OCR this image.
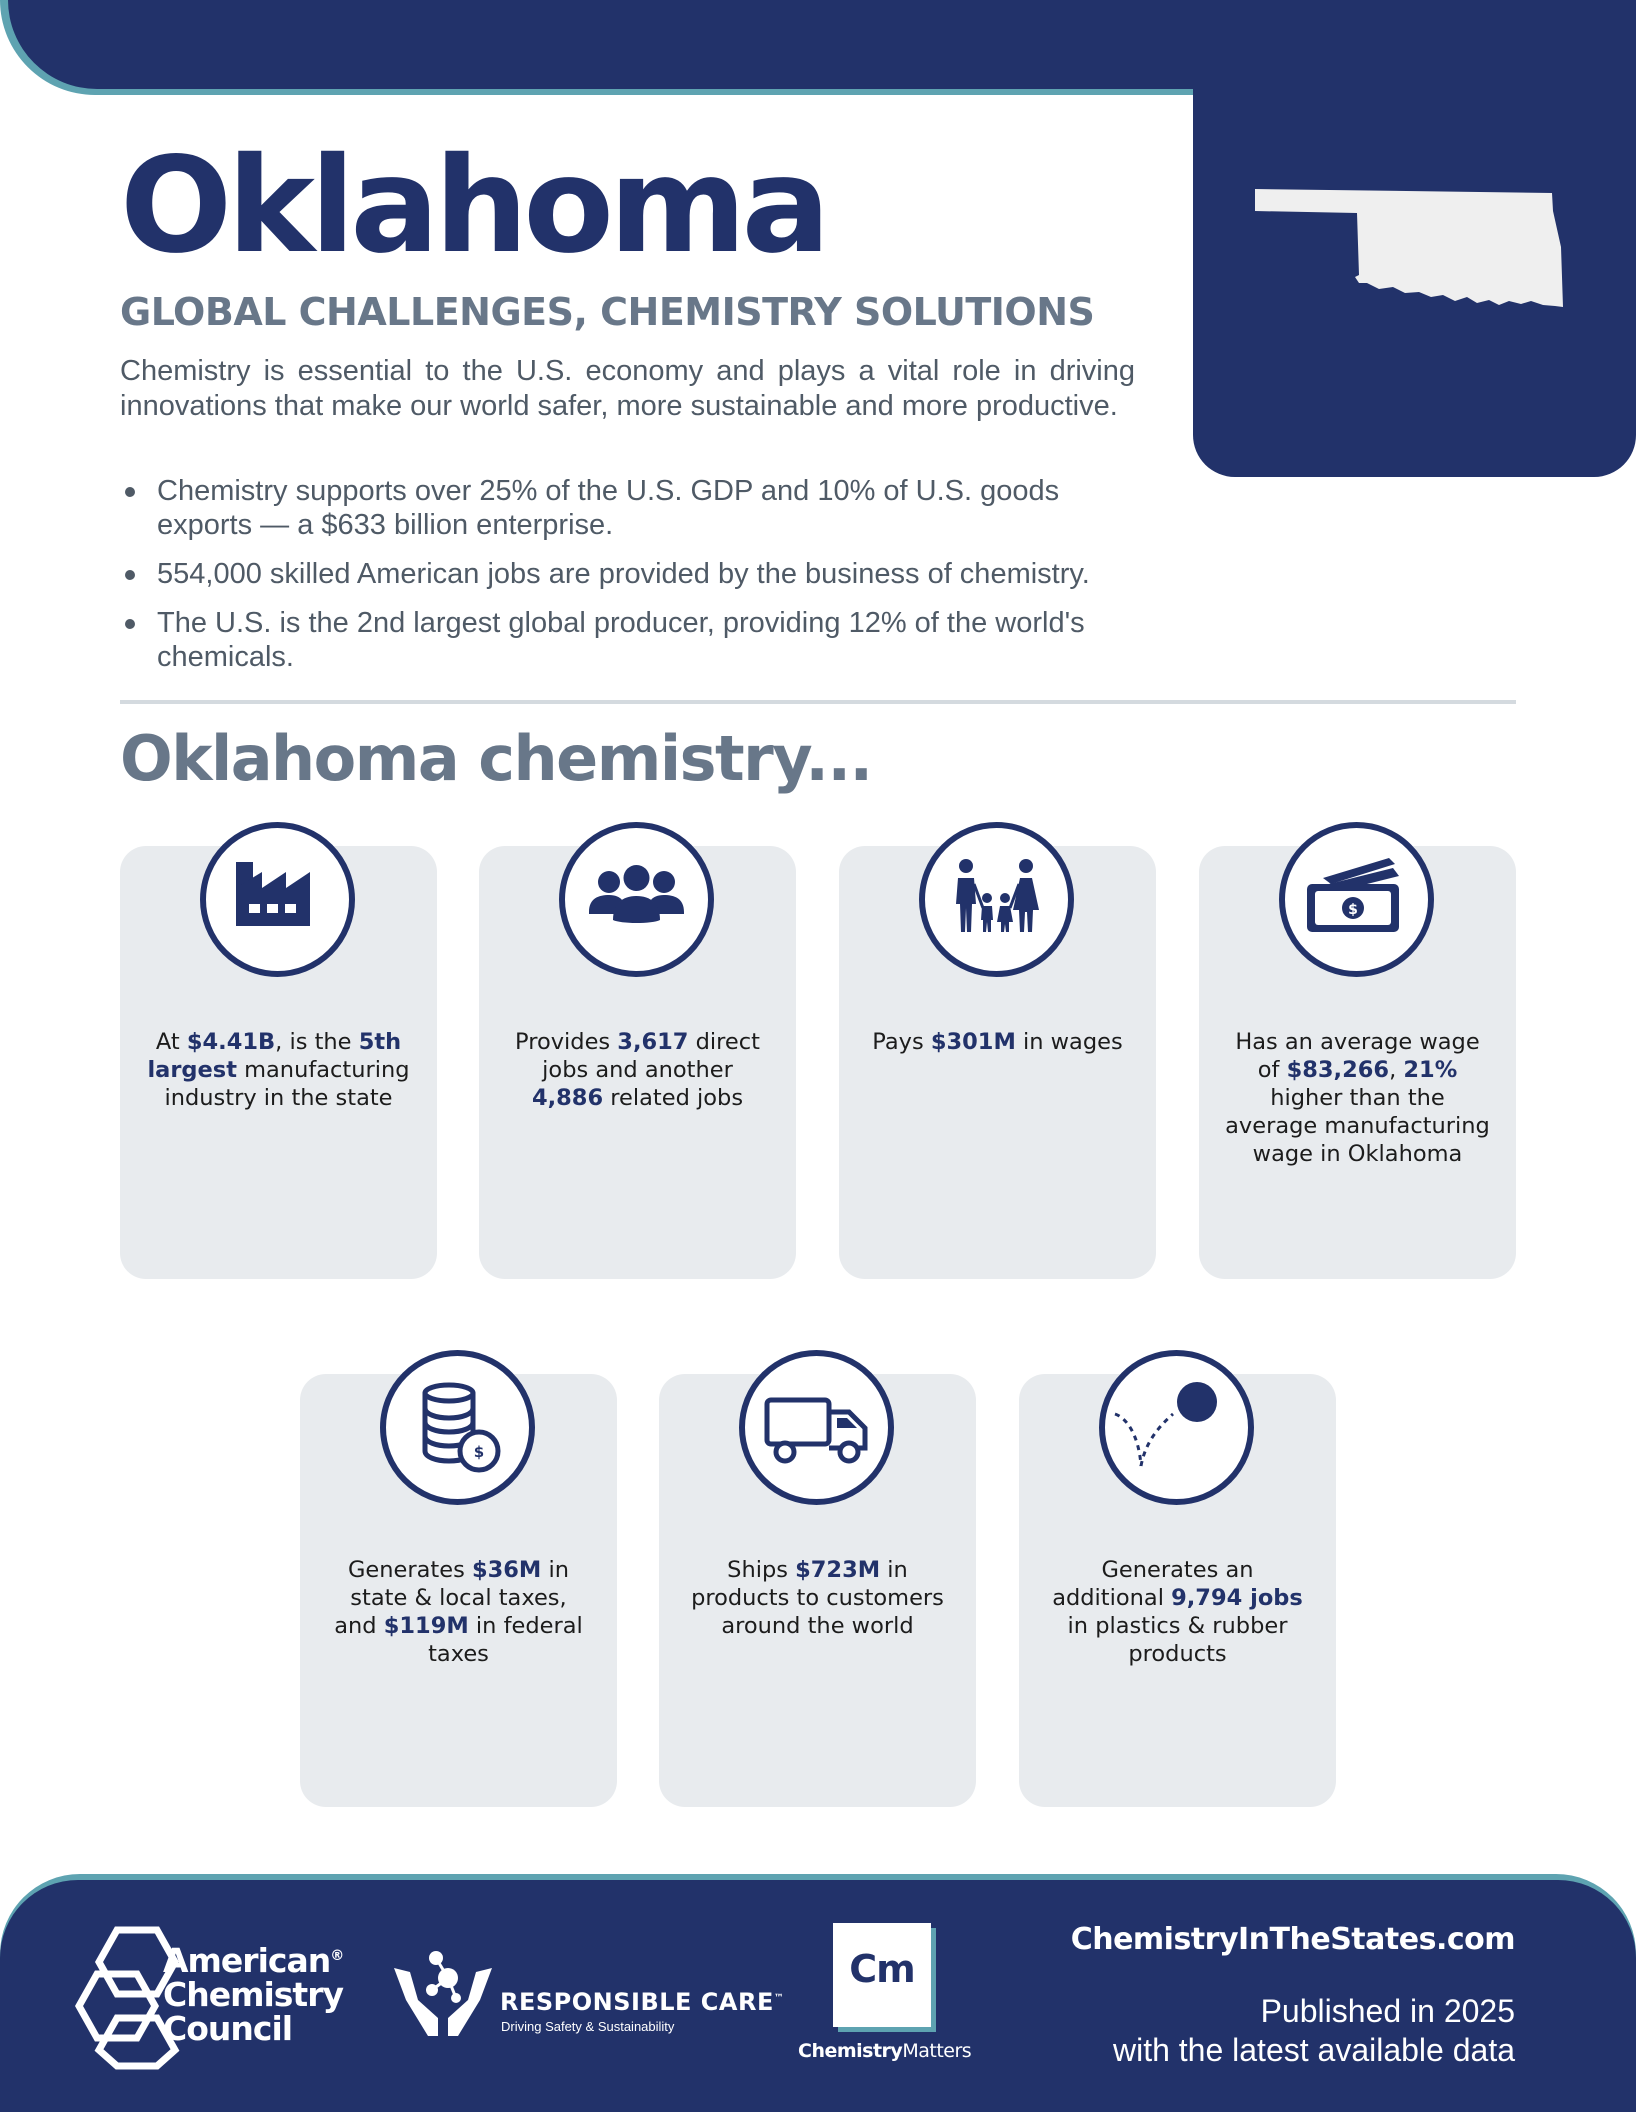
Oklahoma
GLOBAL CHALLENGES, CHEMISTRY SOLUTIONS

Chemistry is essential to the U.S. economy and plays a vital role in driving innovations that make our world safer, more sustainable and more productive.

Chemistry supports over 25% of the U.S. GDP and 10% of U.S. goods exports — a $633 billion enterprise.
554,000 skilled American jobs are provided by the business of chemistry.
The U.S. is the 2nd largest global producer, providing 12% of the world's chemicals.
Oklahoma chemistry...
At $4.41B, is the 5th largest manufacturing industry in the state
Provides 3,617 direct jobs and another 4,886 related jobs
Pays $301M in wages
$
Has an average wage of $83,266, 21% higher than the average manufacturing wage in Oklahoma
$
Generates $36M in state & local taxes, and $119M in federal taxes
Ships $723M in products to customers around the world
Generates an additional 9,794 jobs in plastics & rubber products
American®
Chemistry
Council
RESPONSIBLE CARE™
Driving Safety & Sustainability
Cm
ChemistryMatters
ChemistryInTheStates.com
Published in 2025
with the latest available data
